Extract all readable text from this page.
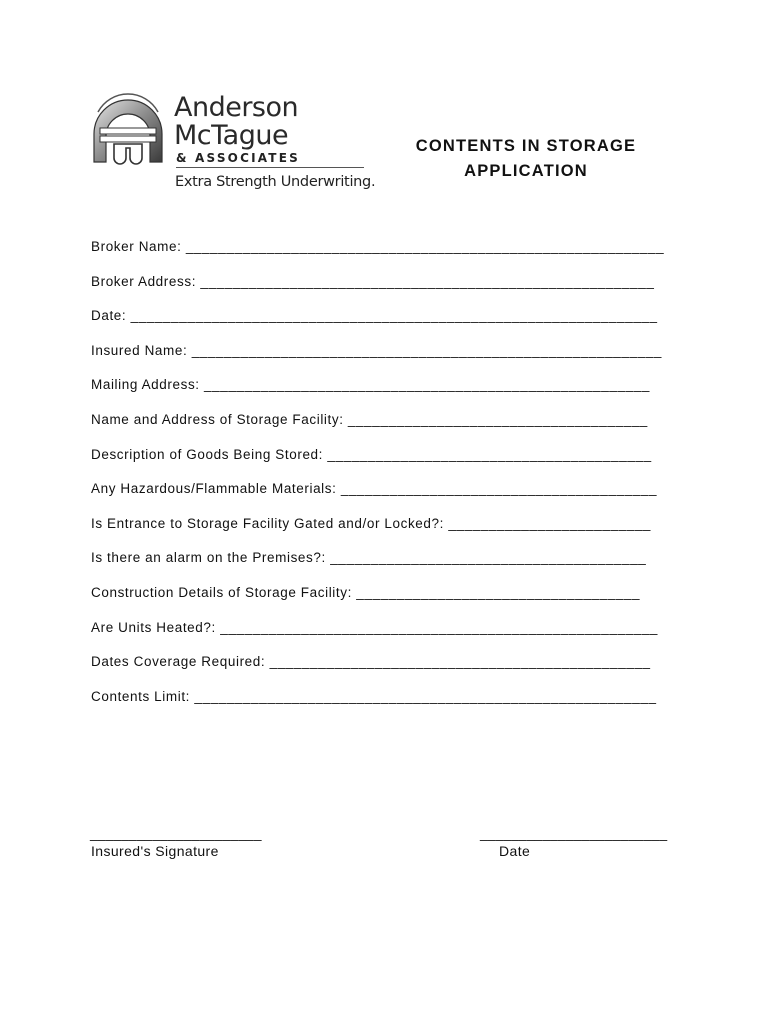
Anderson
McTague
& ASSOCIATES
Extra Strength Underwriting.
CONTENTS IN STORAGE
APPLICATION
Broker Name: ___________________________________________________________
Broker Address: ________________________________________________________
Date: _________________________________________________________________
Insured Name: __________________________________________________________
Mailing Address: _______________________________________________________
Name and Address of Storage Facility: _____________________________________
Description of Goods Being Stored: ________________________________________
Any Hazardous/Flammable Materials: _______________________________________
Is Entrance to Storage Facility Gated and/or Locked?: _________________________
Is there an alarm on the Premises?: _______________________________________
Construction Details of Storage Facility: ___________________________________
Are Units Heated?: ______________________________________________________
Dates Coverage Required: _______________________________________________
Contents Limit: _________________________________________________________
______________________
Insured's Signature
________________________
Date
